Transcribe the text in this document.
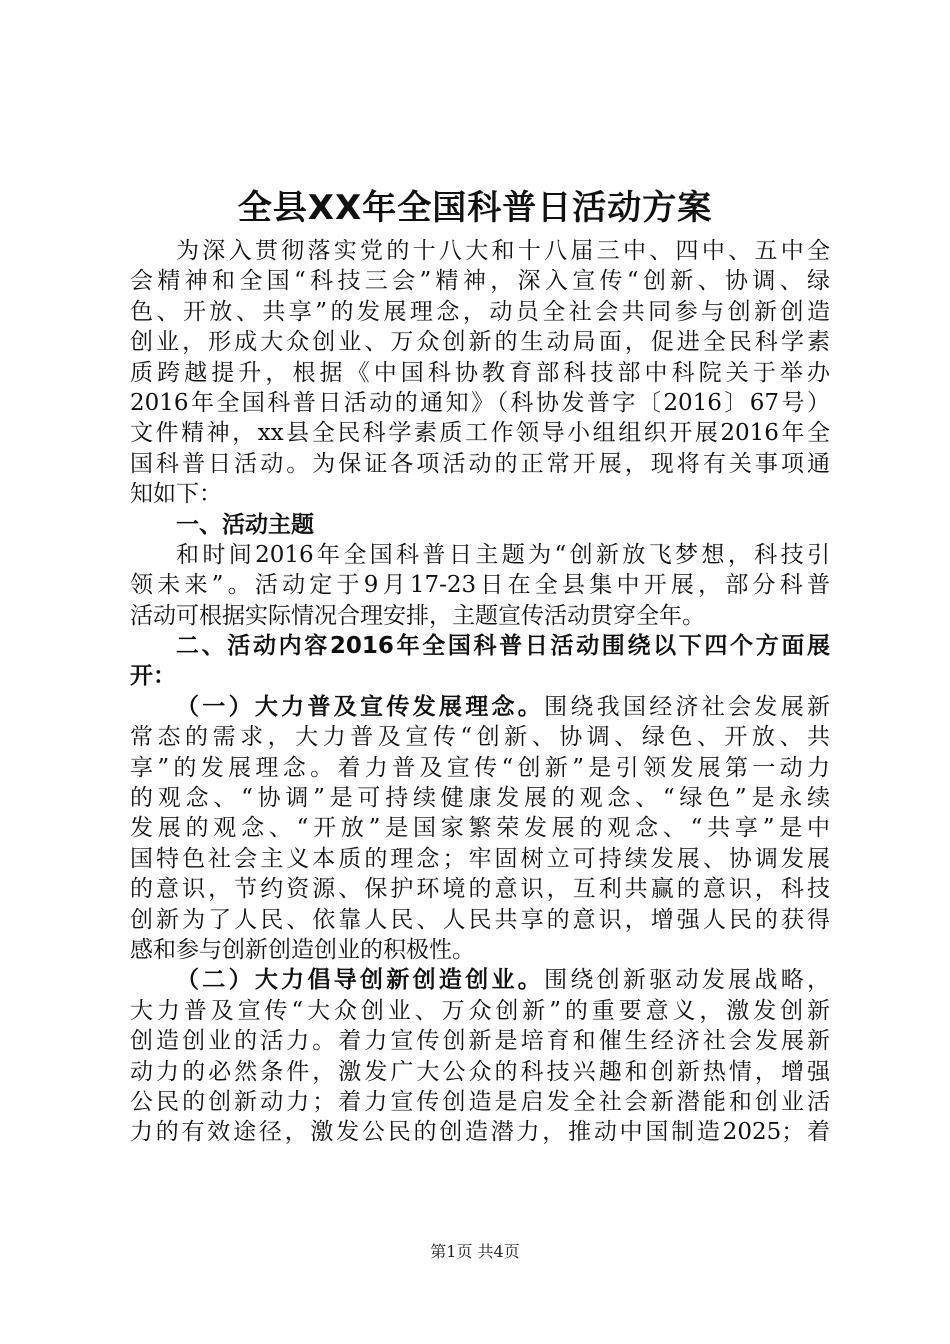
全县XX年全国科普日活动方案
为深入贯彻落实党的十八大和十八届三中、四中、五中全
会精神和全国“科技三会”精神，深入宣传“创新、协调、绿
色、开放、共享”的发展理念，动员全社会共同参与创新创造
创业，形成大众创业、万众创新的生动局面，促进全民科学素
质跨越提升，根据《中国科协教育部科技部中科院关于举办
2016年全国科普日活动的通知》（科协发普字〔2016〕67号）
文件精神，xx县全民科学素质工作领导小组组织开展2016年全
国科普日活动。为保证各项活动的正常开展，现将有关事项通
知如下：
一、活动主题
和时间2016年全国科普日主题为“创新放飞梦想，科技引
领未来”。活动定于9月17-23日在全县集中开展，部分科普
活动可根据实际情况合理安排，主题宣传活动贯穿全年。
二、活动内容2016年全国科普日活动围绕以下四个方面展
开：
（一）大力普及宣传发展理念。围绕我国经济社会发展新
常态的需求，大力普及宣传“创新、协调、绿色、开放、共
享”的发展理念。着力普及宣传“创新”是引领发展第一动力
的观念、“协调”是可持续健康发展的观念、“绿色”是永续
发展的观念、“开放”是国家繁荣发展的观念、“共享”是中
国特色社会主义本质的理念；牢固树立可持续发展、协调发展
的意识，节约资源、保护环境的意识，互利共赢的意识，科技
创新为了人民、依靠人民、人民共享的意识，增强人民的获得
感和参与创新创造创业的积极性。
（二）大力倡导创新创造创业。围绕创新驱动发展战略，
大力普及宣传“大众创业、万众创新”的重要意义，激发创新
创造创业的活力。着力宣传创新是培育和催生经济社会发展新
动力的必然条件，激发广大公众的科技兴趣和创新热情，增强
公民的创新动力；着力宣传创造是启发全社会新潜能和创业活
力的有效途径，激发公民的创造潜力，推动中国制造2025；着
第1页 共4页
